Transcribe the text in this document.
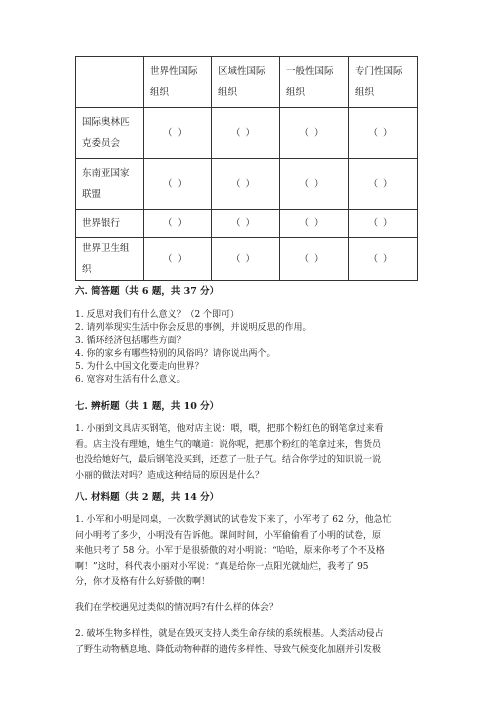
	世界性国际组织	区域性国际组织	一般性国际组织	专门性国际组织

国际奥林匹克委员会	（ ）	（ ）	（ ）	（ ）

东南亚国家联盟	（ ）	（ ）	（ ）	（ ）

世界银行	（ ）	（ ）	（ ）	（ ）

世界卫生组织	（ ）	（ ）	（ ）	（ ）
六. 简答题（共 6 题，共 37 分）
1. 反思对我们有什么意义？（2 个即可）
2. 请列举现实生活中你会反思的事例，并说明反思的作用。
3. 循环经济包括哪些方面？
4. 你的家乡有哪些特别的风俗吗？请你说出两个。
5. 为什么中国文化要走向世界？
6. 宽容对生活有什么意义。
七. 辨析题（共 1 题，共 10 分）
1. 小丽到文具店买钢笔，他对店主说：喂，喂，把那个粉红色的钢笔拿过来看
看。店主没有理她，她生气的嚷道：说你呢，把那个粉红的笔拿过来，售货员
也没给她好气，最后钢笔没买到，还惹了一肚子气。结合你学过的知识说一说
小丽的做法对吗？造成这种结局的原因是什么？
八. 材料题（共 2 题，共 14 分）
1. 小军和小明是同桌，一次数学测试的试卷发下来了，小军考了 62 分，他急忙
问小明考了多少，小明没有告诉他。课间时间，小军偷偷看了小明的试卷，原
来他只考了 58 分。小军于是很骄傲的对小明说：“哈哈，原来你考了个不及格
啊！”这时，科代表小丽对小军说：“真是给你一点阳光就灿烂，我考了 95
分，你才及格有什么好骄傲的啊！
我们在学校遇见过类似的情况吗?有什么样的体会？
2. 破坏生物多样性，就是在毁灭支持人类生命存续的系统根基。人类活动侵占
了野生动物栖息地、降低动物种群的遗传多样性、导致气候变化加剧并引发极
